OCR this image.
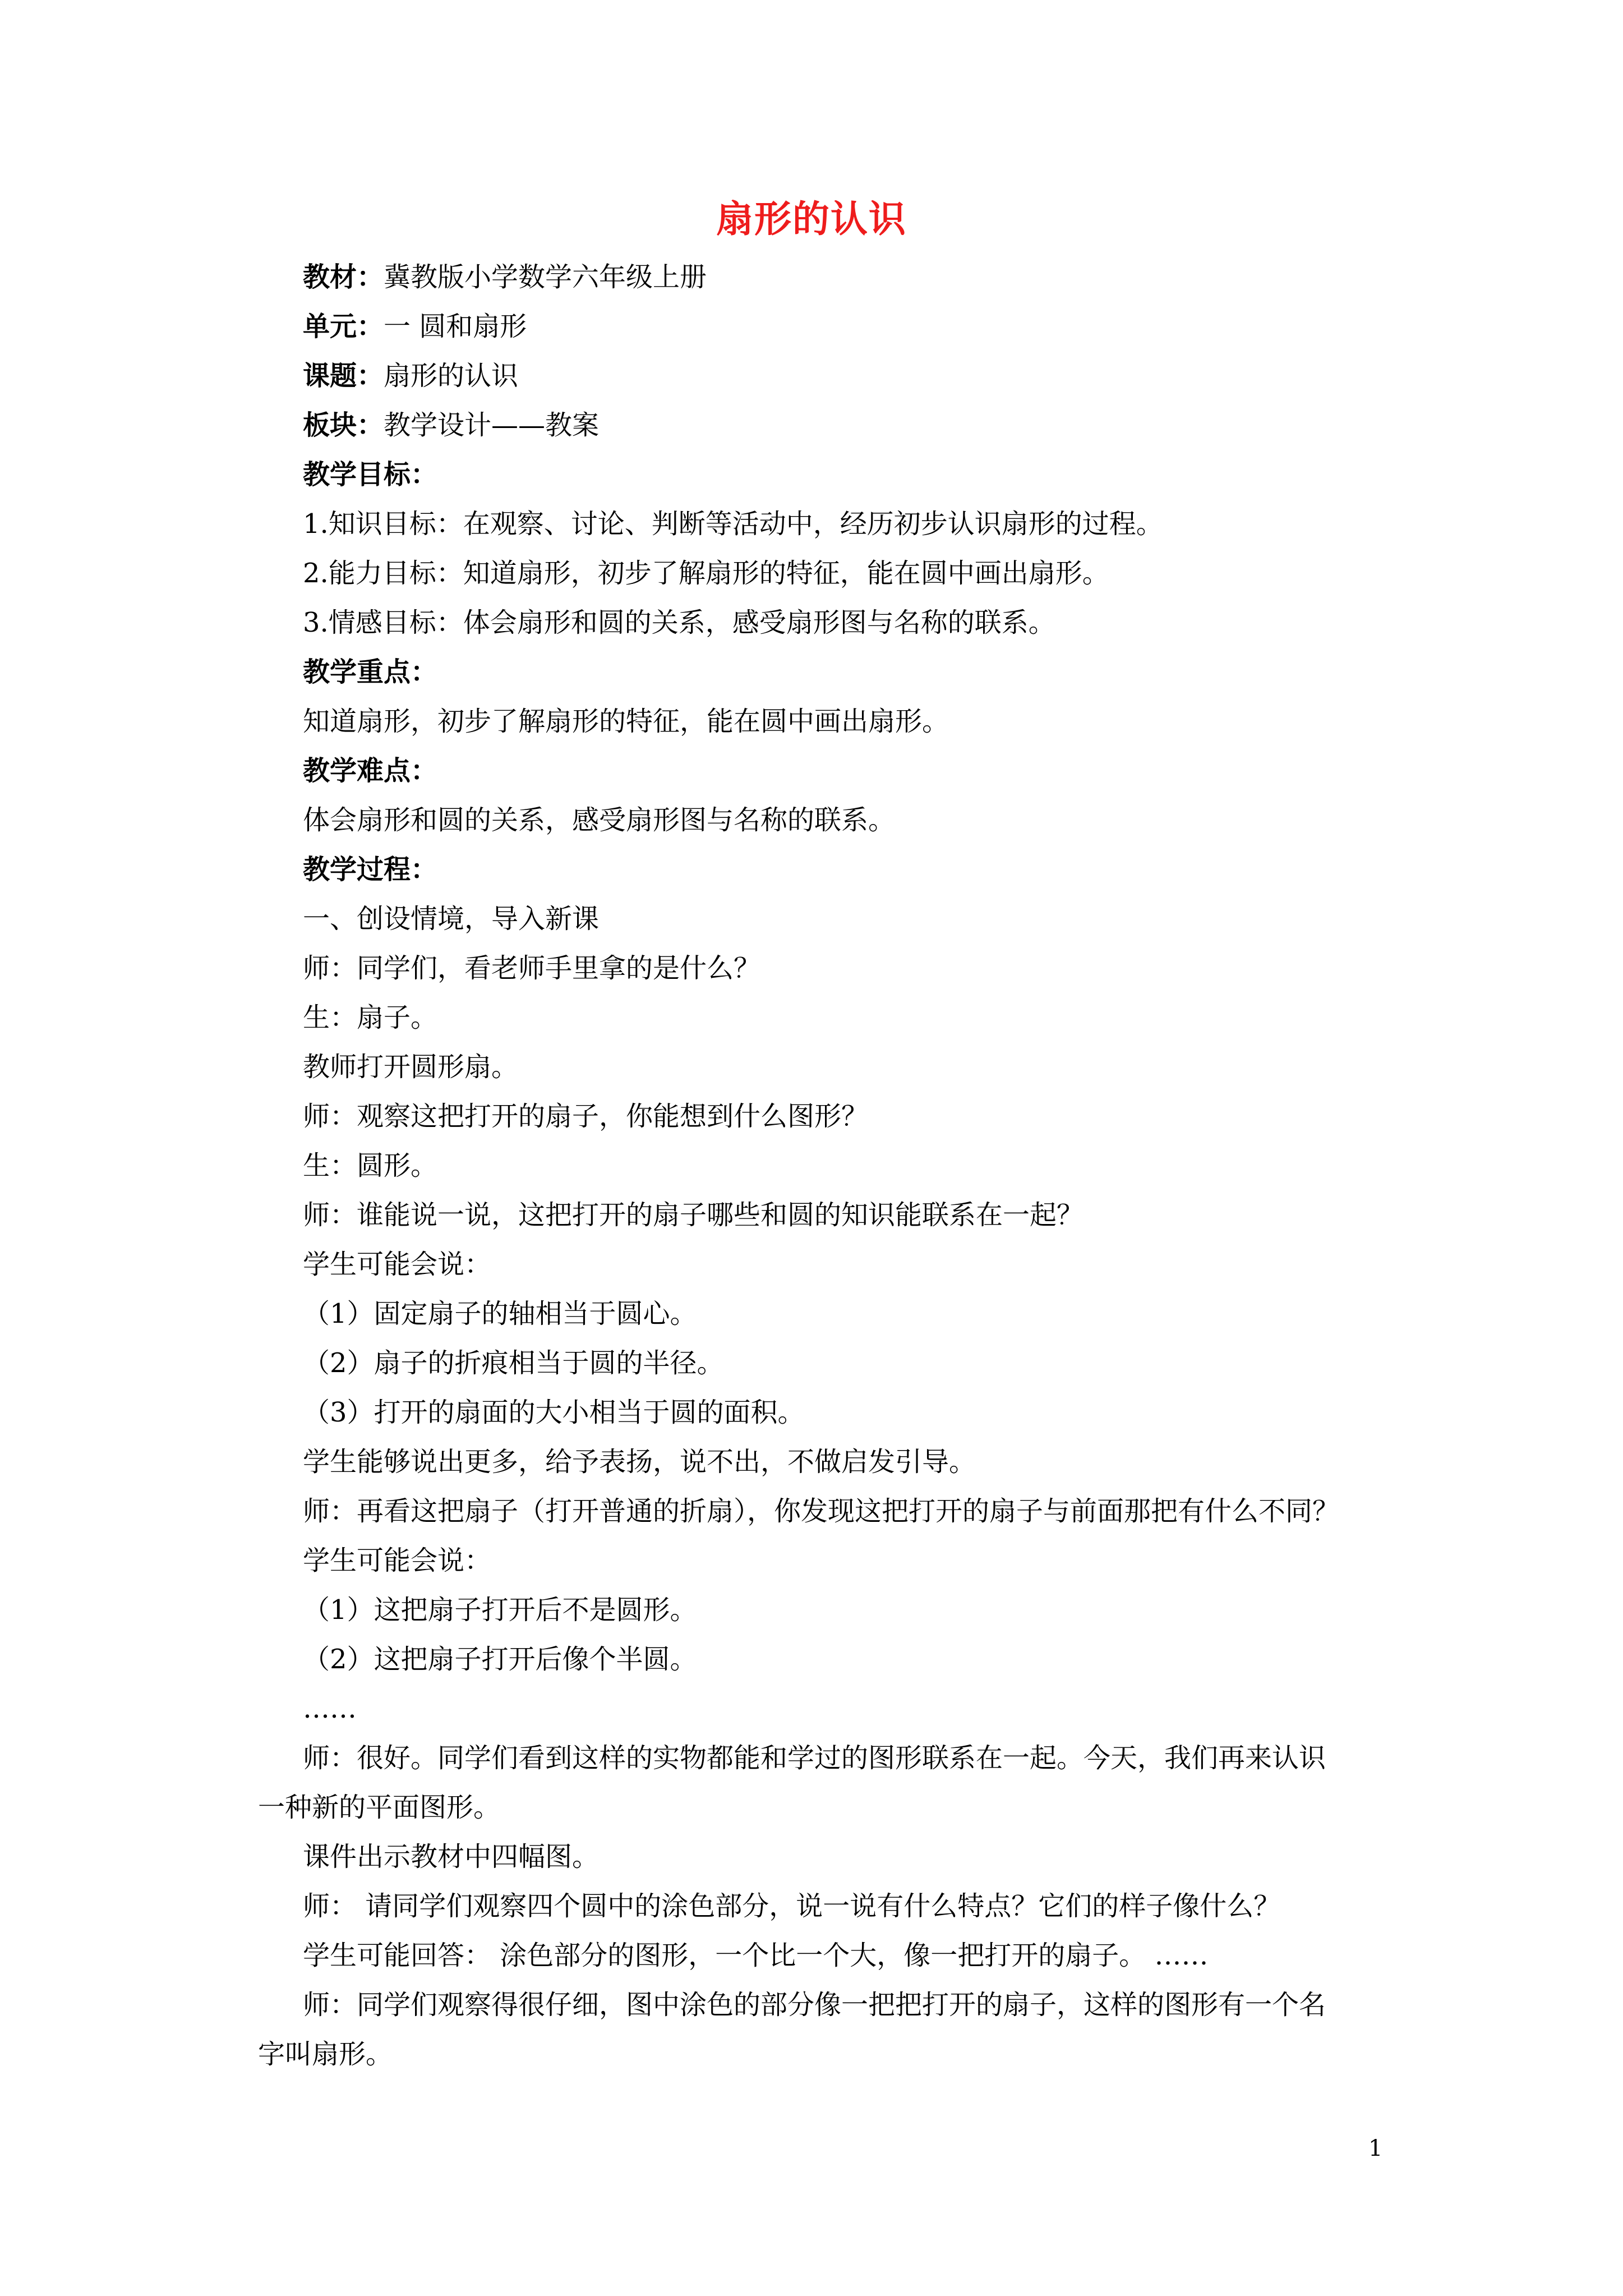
扇形的认识
教材：冀教版小学数学六年级上册
单元：一 圆和扇形
课题：扇形的认识
板块：教学设计——教案
教学目标：
1.知识目标：在观察、讨论、判断等活动中，经历初步认识扇形的过程。
2.能力目标：知道扇形，初步了解扇形的特征，能在圆中画出扇形。
3.情感目标：体会扇形和圆的关系，感受扇形图与名称的联系。
教学重点：
知道扇形，初步了解扇形的特征，能在圆中画出扇形。
教学难点：
体会扇形和圆的关系，感受扇形图与名称的联系。
教学过程：
一、创设情境，导入新课
师：同学们，看老师手里拿的是什么？
生：扇子。
教师打开圆形扇。
师：观察这把打开的扇子，你能想到什么图形？
生：圆形。
师：谁能说一说，这把打开的扇子哪些和圆的知识能联系在一起？
学生可能会说：
（1）固定扇子的轴相当于圆心。
（2）扇子的折痕相当于圆的半径。
（3）打开的扇面的大小相当于圆的面积。
学生能够说出更多，给予表扬，说不出，不做启发引导。
师：再看这把扇子（打开普通的折扇），你发现这把打开的扇子与前面那把有什么不同？
学生可能会说：
（1）这把扇子打开后不是圆形。
（2）这把扇子打开后像个半圆。
……
师：很好。同学们看到这样的实物都能和学过的图形联系在一起。今天，我们再来认识
一种新的平面图形。
课件出示教材中四幅图。
师： 请同学们观察四个圆中的涂色部分，说一说有什么特点？它们的样子像什么？
学生可能回答： 涂色部分的图形，一个比一个大，像一把打开的扇子。 ……
师：同学们观察得很仔细，图中涂色的部分像一把把打开的扇子，这样的图形有一个名
字叫扇形。
1
